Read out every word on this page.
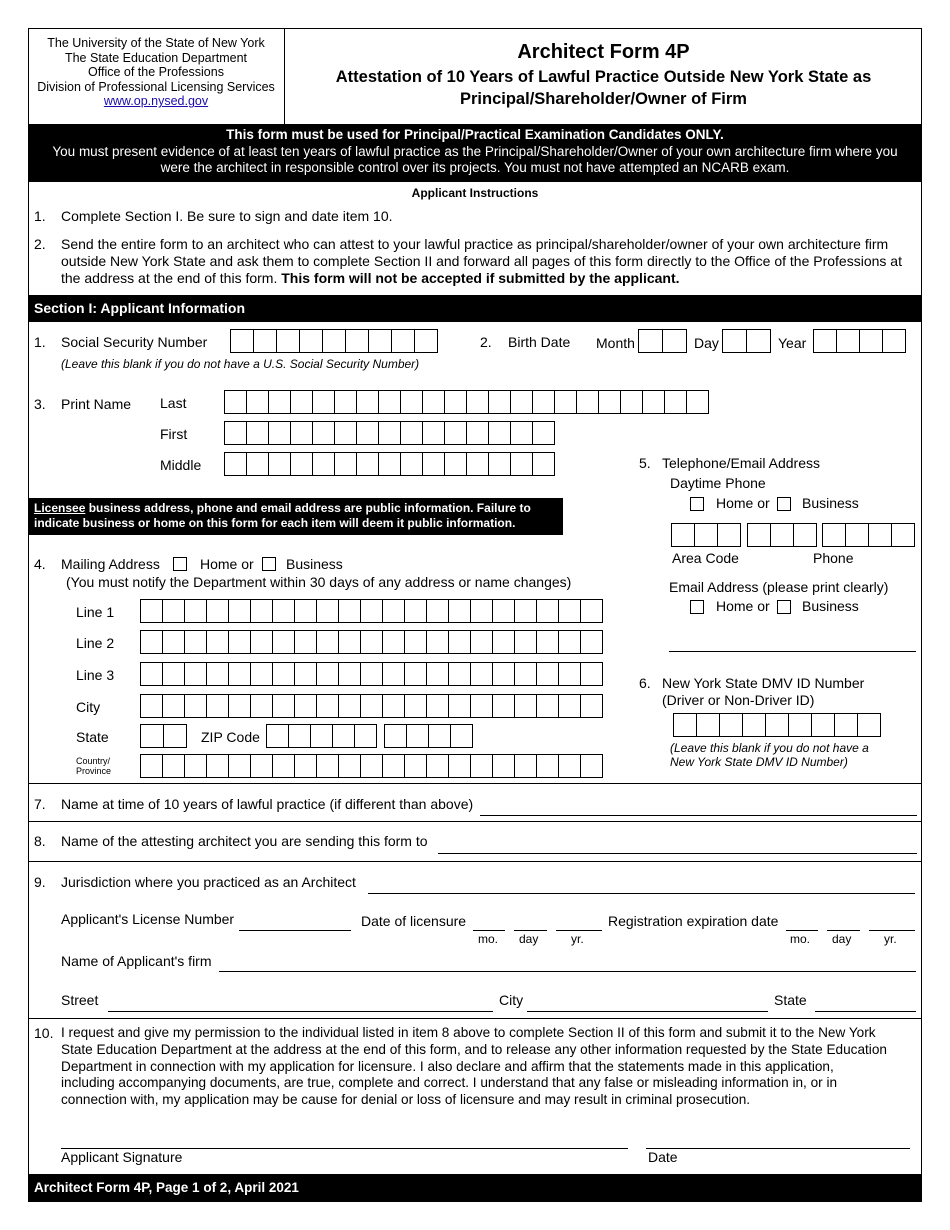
The University of the State of New York
The State Education Department
Office of the Professions
Division of Professional Licensing Services
www.op.nysed.gov
Architect Form 4P
Attestation of 10 Years of Lawful Practice Outside New York State as
Principal/Shareholder/Owner of Firm
This form must be used for Principal/Practical Examination Candidates ONLY.
You must present evidence of at least ten years of lawful practice as the Principal/Shareholder/Owner of your own architecture firm where you
were the architect in responsible control over its projects. You must not have attempted an NCARB exam.
Applicant Instructions
1. Complete Section I. Be sure to sign and date item 10.
2. Send the entire form to an architect who can attest to your lawful practice as principal/shareholder/owner of your own architecture firm
outside New York State and ask them to complete Section II and forward all pages of this form directly to the Office of the Professions at
the address at the end of this form. This form will not be accepted if submitted by the applicant.
Section I: Applicant Information
1. Social Security Number
(Leave this blank if you do not have a U.S. Social Security Number)
2. Birth Date Month	Day	Year
3. Print Name Last
First
Middle
Licensee business address, phone and email address are public information. Failure to
indicate business or home on this form for each item will deem it public information.
4. Mailing Address	Home or Business
(You must notify the Department within 30 days of any address or name changes)
Line 1
Line 2
Line 3
City
State	ZIP Code
Country/
Province
5. Telephone/Email Address
Daytime Phone
Home or Business
Area Code	Phone
Email Address (please print clearly)
Home or Business
6. New York State DMV ID Number
(Driver or Non-Driver ID)
(Leave this blank if you do not have a
New York State DMV ID Number)
7. Name at time of 10 years of lawful practice (if different than above)
8. Name of the attesting architect you are sending this form to
9. Jurisdiction where you practiced as an Architect
Applicant's License Number	Date of licensure
mo. day	yr.
Registration expiration date
mo. day	yr.
Name of Applicant's firm
Street	City	State
10. I request and give my permission to the individual listed in item 8 above to complete Section II of this form and submit it to the New York
State Education Department at the address at the end of this form, and to release any other information requested by the State Education
Department in connection with my application for licensure. I also declare and affirm that the statements made in this application,
including accompanying documents, are true, complete and correct. I understand that any false or misleading information in, or in
connection with, my application may be cause for denial or loss of licensure and may result in criminal prosecution.
Applicant Signature	Date
Architect Form 4P, Page 1 of 2, April 2021
